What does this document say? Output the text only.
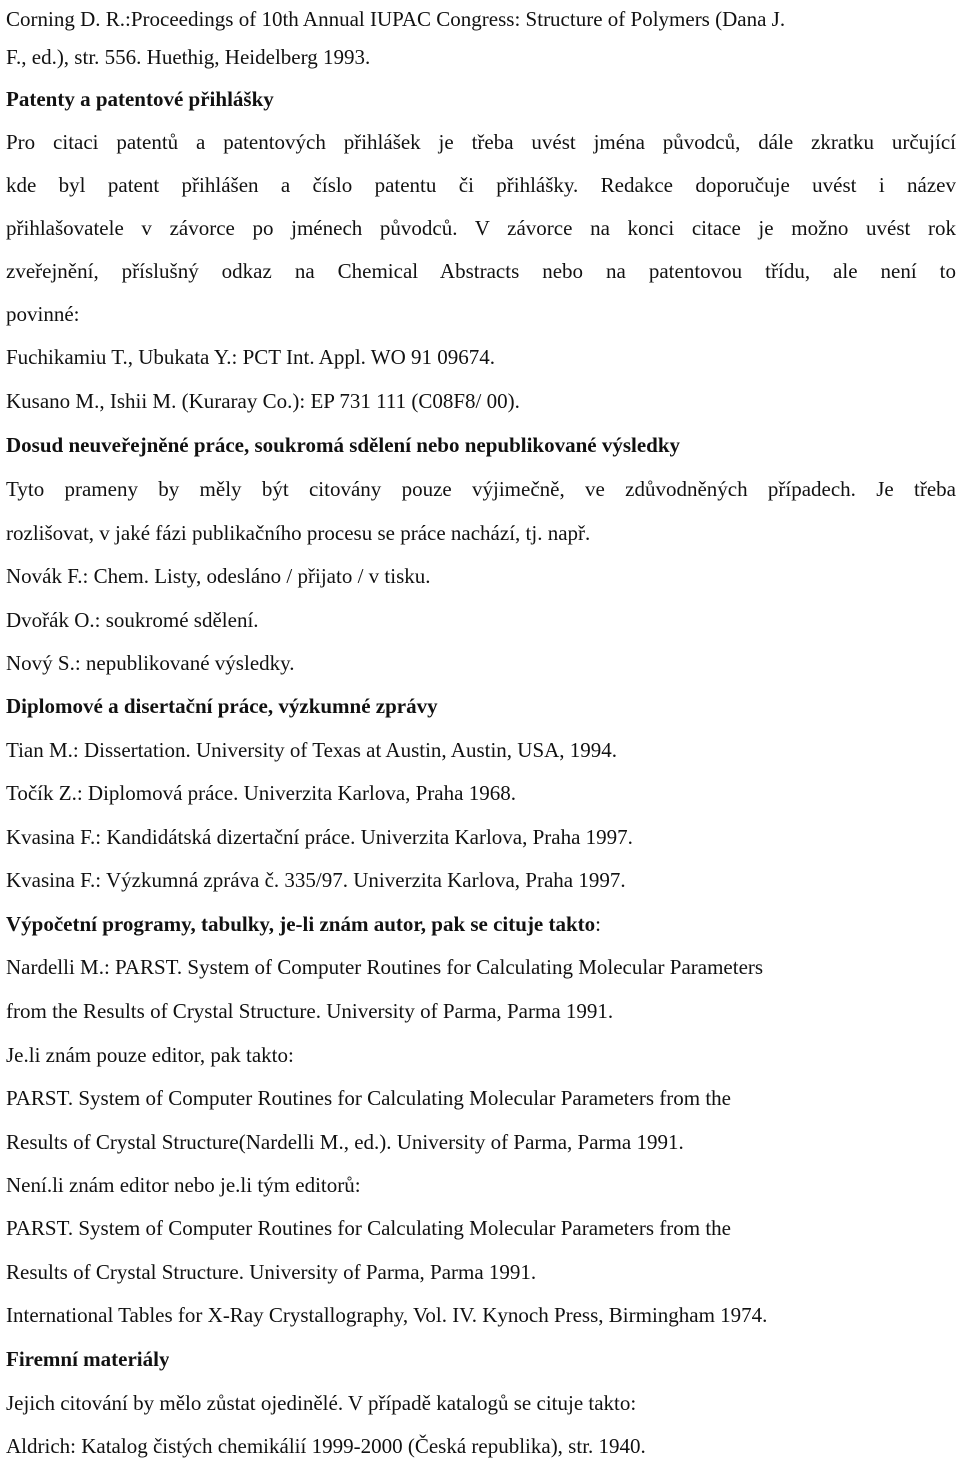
Corning D. R.:Proceedings of 10th Annual IUPAC Congress: Structure of Polymers (Dana J.
F., ed.), str. 556. Huethig, Heidelberg 1993.
Patenty a patentové přihlášky
Pro citaci patentů a patentových přihlášek je třeba uvést jména původců, dále zkratku určující
kde byl patent přihlášen a číslo patentu či přihlášky. Redakce doporučuje uvést i název
přihlašovatele v závorce po jménech původců. V závorce na konci citace je možno uvést rok
zveřejnění, příslušný odkaz na Chemical Abstracts nebo na patentovou třídu, ale není to
povinné:
Fuchikamiu T., Ubukata Y.: PCT Int. Appl. WO 91 09674.
Kusano M., Ishii M. (Kuraray Co.): EP 731 111 (C08F8/ 00).
Dosud neuveřejněné práce, soukromá sdělení nebo nepublikované výsledky
Tyto prameny by měly být citovány pouze výjimečně, ve zdůvodněných případech. Je třeba
rozlišovat, v jaké fázi publikačního procesu se práce nachází, tj. např.
Novák F.: Chem. Listy, odesláno / přijato / v tisku.
Dvořák O.: soukromé sdělení.
Nový S.: nepublikované výsledky.
Diplomové a disertační práce, výzkumné zprávy
Tian M.: Dissertation. University of Texas at Austin, Austin, USA, 1994.
Točík Z.: Diplomová práce. Univerzita Karlova, Praha 1968.
Kvasina F.: Kandidátská dizertační práce. Univerzita Karlova, Praha 1997.
Kvasina F.: Výzkumná zpráva č. 335/97. Univerzita Karlova, Praha 1997.
Výpočetní programy, tabulky, je-li znám autor, pak se cituje takto:
Nardelli M.: PARST. System of Computer Routines for Calculating Molecular Parameters
from the Results of Crystal Structure. University of Parma, Parma 1991.
Je.li znám pouze editor, pak takto:
PARST. System of Computer Routines for Calculating Molecular Parameters from the
Results of Crystal Structure(Nardelli M., ed.). University of Parma, Parma 1991.
Není.li znám editor nebo je.li tým editorů:
PARST. System of Computer Routines for Calculating Molecular Parameters from the
Results of Crystal Structure. University of Parma, Parma 1991.
International Tables for X-Ray Crystallography, Vol. IV. Kynoch Press, Birmingham 1974.
Firemní materiály
Jejich citování by mělo zůstat ojedinělé. V případě katalogů se cituje takto:
Aldrich: Katalog čistých chemikálií 1999-2000 (Česká republika), str. 1940.
